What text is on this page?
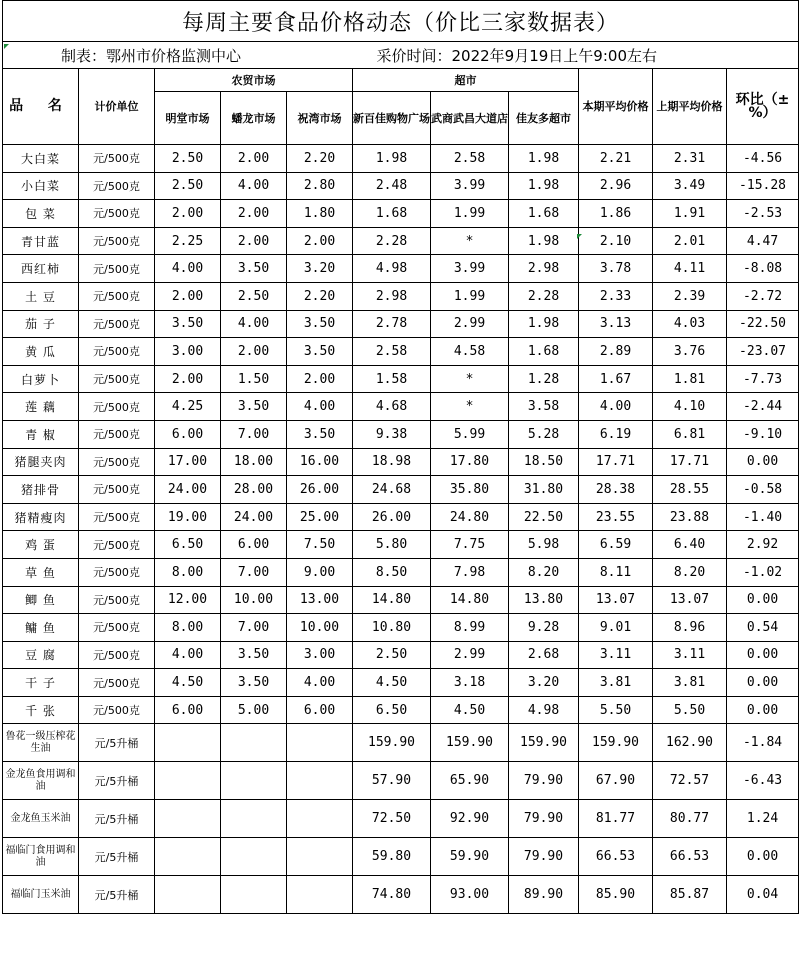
每周主要食品价格动态（价比三家数据表）										
制表：鄂州市价格监测中心					采价时间：2022年9月19日上午9:00左右					
品 名	计价单位	农贸市场			超市			本期平均价格	上期平均价格	环比（±%）
		明堂市场	蟠龙市场	祝湾市场	新百佳购物广场	武商武昌大道店	佳友多超市			
大白菜	元/500克	2.50	2.00	2.20	1.98	2.58	1.98	2.21	2.31	-4.56
小白菜	元/500克	2.50	4.00	2.80	2.48	3.99	1.98	2.96	3.49	-15.28
包 菜	元/500克	2.00	2.00	1.80	1.68	1.99	1.68	1.86	1.91	-2.53
青甘蓝	元/500克	2.25	2.00	2.00	2.28	*	1.98	2.10	2.01	4.47
西红柿	元/500克	4.00	3.50	3.20	4.98	3.99	2.98	3.78	4.11	-8.08
土 豆	元/500克	2.00	2.50	2.20	2.98	1.99	2.28	2.33	2.39	-2.72
茄 子	元/500克	3.50	4.00	3.50	2.78	2.99	1.98	3.13	4.03	-22.50
黄 瓜	元/500克	3.00	2.00	3.50	2.58	4.58	1.68	2.89	3.76	-23.07
白萝卜	元/500克	2.00	1.50	2.00	1.58	*	1.28	1.67	1.81	-7.73
莲 藕	元/500克	4.25	3.50	4.00	4.68	*	3.58	4.00	4.10	-2.44
青 椒	元/500克	6.00	7.00	3.50	9.38	5.99	5.28	6.19	6.81	-9.10
猪腿夹肉	元/500克	17.00	18.00	16.00	18.98	17.80	18.50	17.71	17.71	0.00
猪排骨	元/500克	24.00	28.00	26.00	24.68	35.80	31.80	28.38	28.55	-0.58
猪精瘦肉	元/500克	19.00	24.00	25.00	26.00	24.80	22.50	23.55	23.88	-1.40
鸡 蛋	元/500克	6.50	6.00	7.50	5.80	7.75	5.98	6.59	6.40	2.92
草 鱼	元/500克	8.00	7.00	9.00	8.50	7.98	8.20	8.11	8.20	-1.02
鲫 鱼	元/500克	12.00	10.00	13.00	14.80	14.80	13.80	13.07	13.07	0.00
鳙 鱼	元/500克	8.00	7.00	10.00	10.80	8.99	9.28	9.01	8.96	0.54
豆 腐	元/500克	4.00	3.50	3.00	2.50	2.99	2.68	3.11	3.11	0.00
干 子	元/500克	4.50	3.50	4.00	4.50	3.18	3.20	3.81	3.81	0.00
千 张	元/500克	6.00	5.00	6.00	6.50	4.50	4.98	5.50	5.50	0.00
鲁花一级压榨花生油	元/5升桶				159.90	159.90	159.90	159.90	162.90	-1.84
金龙鱼食用调和油	元/5升桶				57.90	65.90	79.90	67.90	72.57	-6.43
金龙鱼玉米油	元/5升桶				72.50	92.90	79.90	81.77	80.77	1.24
福临门食用调和油	元/5升桶				59.80	59.90	79.90	66.53	66.53	0.00
福临门玉米油	元/5升桶				74.80	93.00	89.90	85.90	85.87	0.04
